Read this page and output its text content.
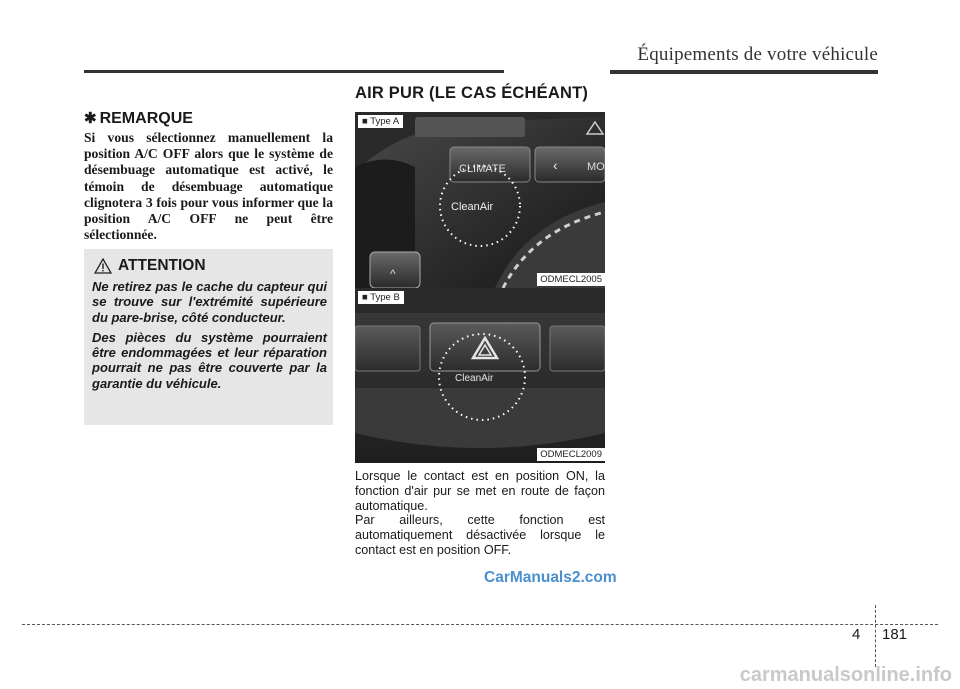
Équipements de votre véhicule
✱ REMARQUE
Si vous sélectionnez manuellement la position A/C OFF alors que le système de désembuage automatique est activé, le témoin de désembuage automatique clignotera 3 fois pour vous informer que la position A/C OFF ne peut être sélectionnée.
ATTENTION

Ne retirez pas le cache du capteur qui se trouve sur l'extrémité supérieure du pare-brise, côté conducteur.

Des pièces du système pourraient être endommagées et leur réparation pourrait ne pas être couverte par la garantie du véhicule.

AIR PUR (LE CAS ÉCHÉANT)
CLIMATE	‹	MO
^
CleanAir
■ Type A
ODMECL2005
CleanAir
■ Type B
ODMECL2009

Lorsque le contact est en position ON, la fonction d'air pur se met en route de façon automatique.

Par ailleurs, cette fonction est automatiquement désactivée lorsque le contact est en position OFF.

CarManuals2.com
4 181
carmanualsonline.info
